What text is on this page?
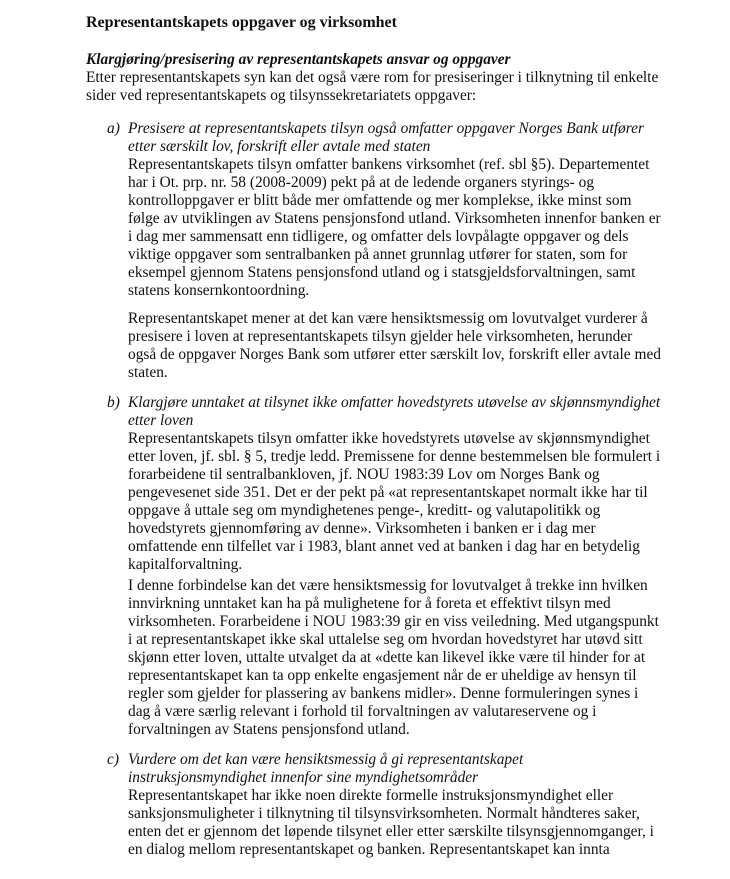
Representantskapets oppgaver og virksomhet
Klargjøring/presisering av representantskapets ansvar og oppgaver
Etter representantskapets syn kan det også være rom for presiseringer i tilknytning til enkelte
sider ved representantskapets og tilsynssekretariatets oppgaver:
a) Presisere at representantskapets tilsyn også omfatter oppgaver Norges Bank utfører
etter særskilt lov, forskrift eller avtale med staten
Representantskapets tilsyn omfatter bankens virksomhet (ref. sbl §5). Departementet
har i Ot. prp. nr. 58 (2008-2009) pekt på at de ledende organers styrings- og
kontrolloppgaver er blitt både mer omfattende og mer komplekse, ikke minst som
følge av utviklingen av Statens pensjonsfond utland. Virksomheten innenfor banken er
i dag mer sammensatt enn tidligere, og omfatter dels lovpålagte oppgaver og dels
viktige oppgaver som sentralbanken på annet grunnlag utfører for staten, som for
eksempel gjennom Statens pensjonsfond utland og i statsgjeldsforvaltningen, samt
statens konsernkontoordning.
Representantskapet mener at det kan være hensiktsmessig om lovutvalget vurderer å
presisere i loven at representantskapets tilsyn gjelder hele virksomheten, herunder
også de oppgaver Norges Bank som utfører etter særskilt lov, forskrift eller avtale med
staten.
b) Klargjøre unntaket at tilsynet ikke omfatter hovedstyrets utøvelse av skjønnsmyndighet
etter loven
Representantskapets tilsyn omfatter ikke hovedstyrets utøvelse av skjønnsmyndighet
etter loven, jf. sbl. § 5, tredje ledd. Premissene for denne bestemmelsen ble formulert i
forarbeidene til sentralbankloven, jf. NOU 1983:39 Lov om Norges Bank og
pengevesenet side 351. Det er der pekt på «at representantskapet normalt ikke har til
oppgave å uttale seg om myndighetenes penge-, kreditt- og valutapolitikk og
hovedstyrets gjennomføring av denne». Virksomheten i banken er i dag mer
omfattende enn tilfellet var i 1983, blant annet ved at banken i dag har en betydelig
kapitalforvaltning.
I denne forbindelse kan det være hensiktsmessig for lovutvalget å trekke inn hvilken
innvirkning unntaket kan ha på mulighetene for å foreta et effektivt tilsyn med
virksomheten. Forarbeidene i NOU 1983:39 gir en viss veiledning. Med utgangspunkt
i at representantskapet ikke skal uttalelse seg om hvordan hovedstyret har utøvd sitt
skjønn etter loven, uttalte utvalget da at «dette kan likevel ikke være til hinder for at
representantskapet kan ta opp enkelte engasjement når de er uheldige av hensyn til
regler som gjelder for plassering av bankens midler». Denne formuleringen synes i
dag å være særlig relevant i forhold til forvaltningen av valutareservene og i
forvaltningen av Statens pensjonsfond utland.
c) Vurdere om det kan være hensiktsmessig å gi representantskapet
instruksjonsmyndighet innenfor sine myndighetsområder
Representantskapet har ikke noen direkte formelle instruksjonsmyndighet eller
sanksjonsmuligheter i tilknytning til tilsynsvirksomheten. Normalt håndteres saker,
enten det er gjennom det løpende tilsynet eller etter særskilte tilsynsgjennomganger, i
en dialog mellom representantskapet og banken. Representantskapet kan innta
